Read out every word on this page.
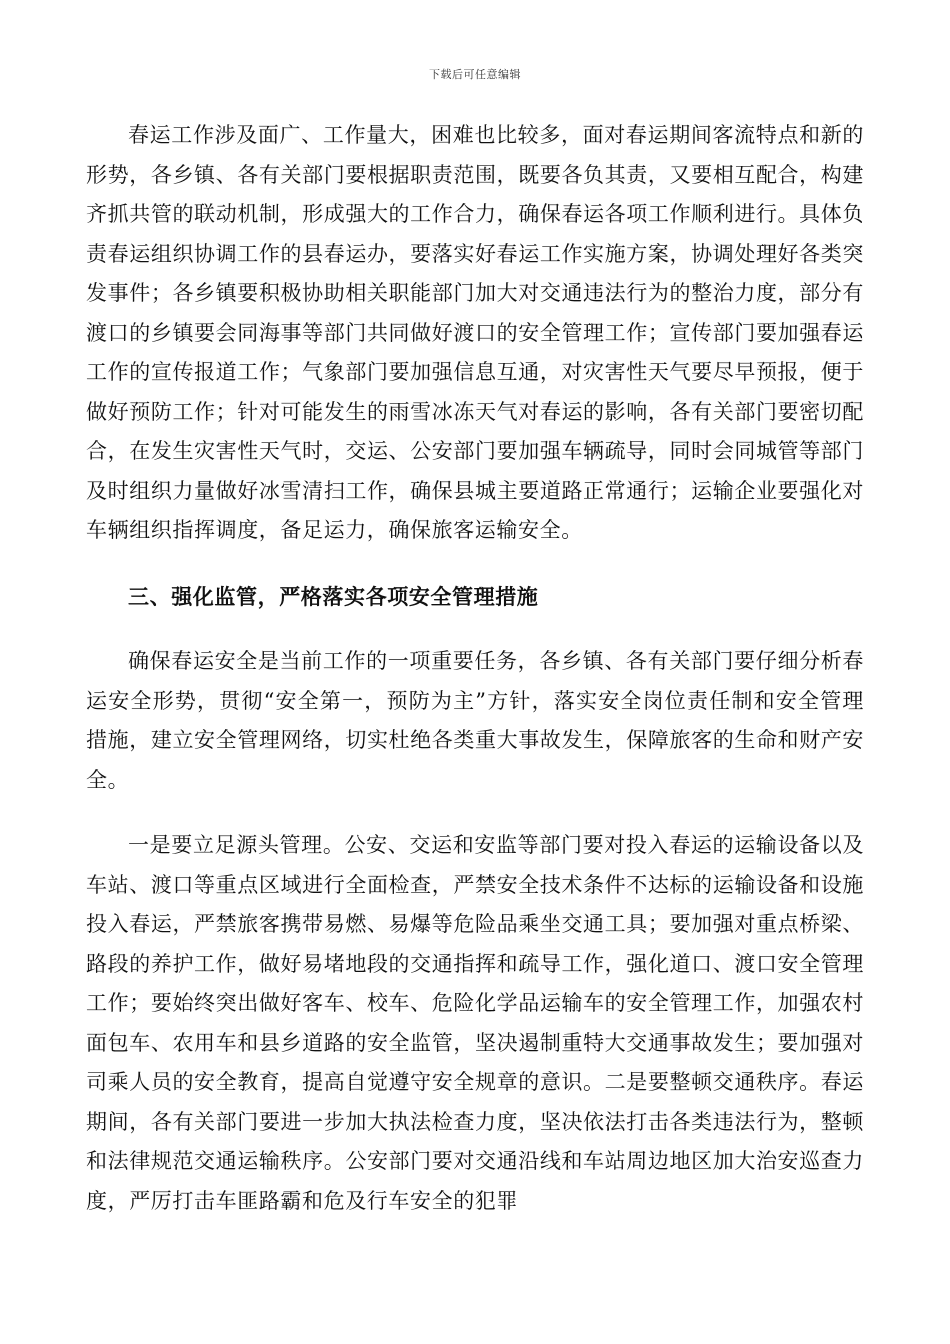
下载后可任意编辑

春运工作涉及面广、工作量大，困难也比较多，面对春运期间客流特点和新的形势，各乡镇、各有关部门要根据职责范围，既要各负其责，又要相互配合，构建齐抓共管的联动机制，形成强大的工作合力，确保春运各项工作顺利进行。具体负责春运组织协调工作的县春运办，要落实好春运工作实施方案，协调处理好各类突发事件；各乡镇要积极协助相关职能部门加大对交通违法行为的整治力度，部分有渡口的乡镇要会同海事等部门共同做好渡口的安全管理工作；宣传部门要加强春运工作的宣传报道工作；气象部门要加强信息互通，对灾害性天气要尽早预报，便于做好预防工作；针对可能发生的雨雪冰冻天气对春运的影响，各有关部门要密切配合，在发生灾害性天气时，交运、公安部门要加强车辆疏导，同时会同城管等部门及时组织力量做好冰雪清扫工作，确保县城主要道路正常通行；运输企业要强化对车辆组织指挥调度，备足运力，确保旅客运输安全。

三、强化监管，严格落实各项安全管理措施

确保春运安全是当前工作的一项重要任务，各乡镇、各有关部门要仔细分析春运安全形势，贯彻“安全第一，预防为主”方针，落实安全岗位责任制和安全管理措施，建立安全管理网络，切实杜绝各类重大事故发生，保障旅客的生命和财产安全。

一是要立足源头管理。公安、交运和安监等部门要对投入春运的运输设备以及车站、渡口等重点区域进行全面检查，严禁安全技术条件不达标的运输设备和设施投入春运，严禁旅客携带易燃、易爆等危险品乘坐交通工具；要加强对重点桥梁、路段的养护工作，做好易堵地段的交通指挥和疏导工作，强化道口、渡口安全管理工作；要始终突出做好客车、校车、危险化学品运输车的安全管理工作，加强农村面包车、农用车和县乡道路的安全监管，坚决遏制重特大交通事故发生；要加强对司乘人员的安全教育，提高自觉遵守安全规章的意识。二是要整顿交通秩序。春运期间，各有关部门要进一步加大执法检查力度，坚决依法打击各类违法行为，整顿和法律规范交通运输秩序。公安部门要对交通沿线和车站周边地区加大治安巡查力度，严厉打击车匪路霸和危及行车安全的犯罪
